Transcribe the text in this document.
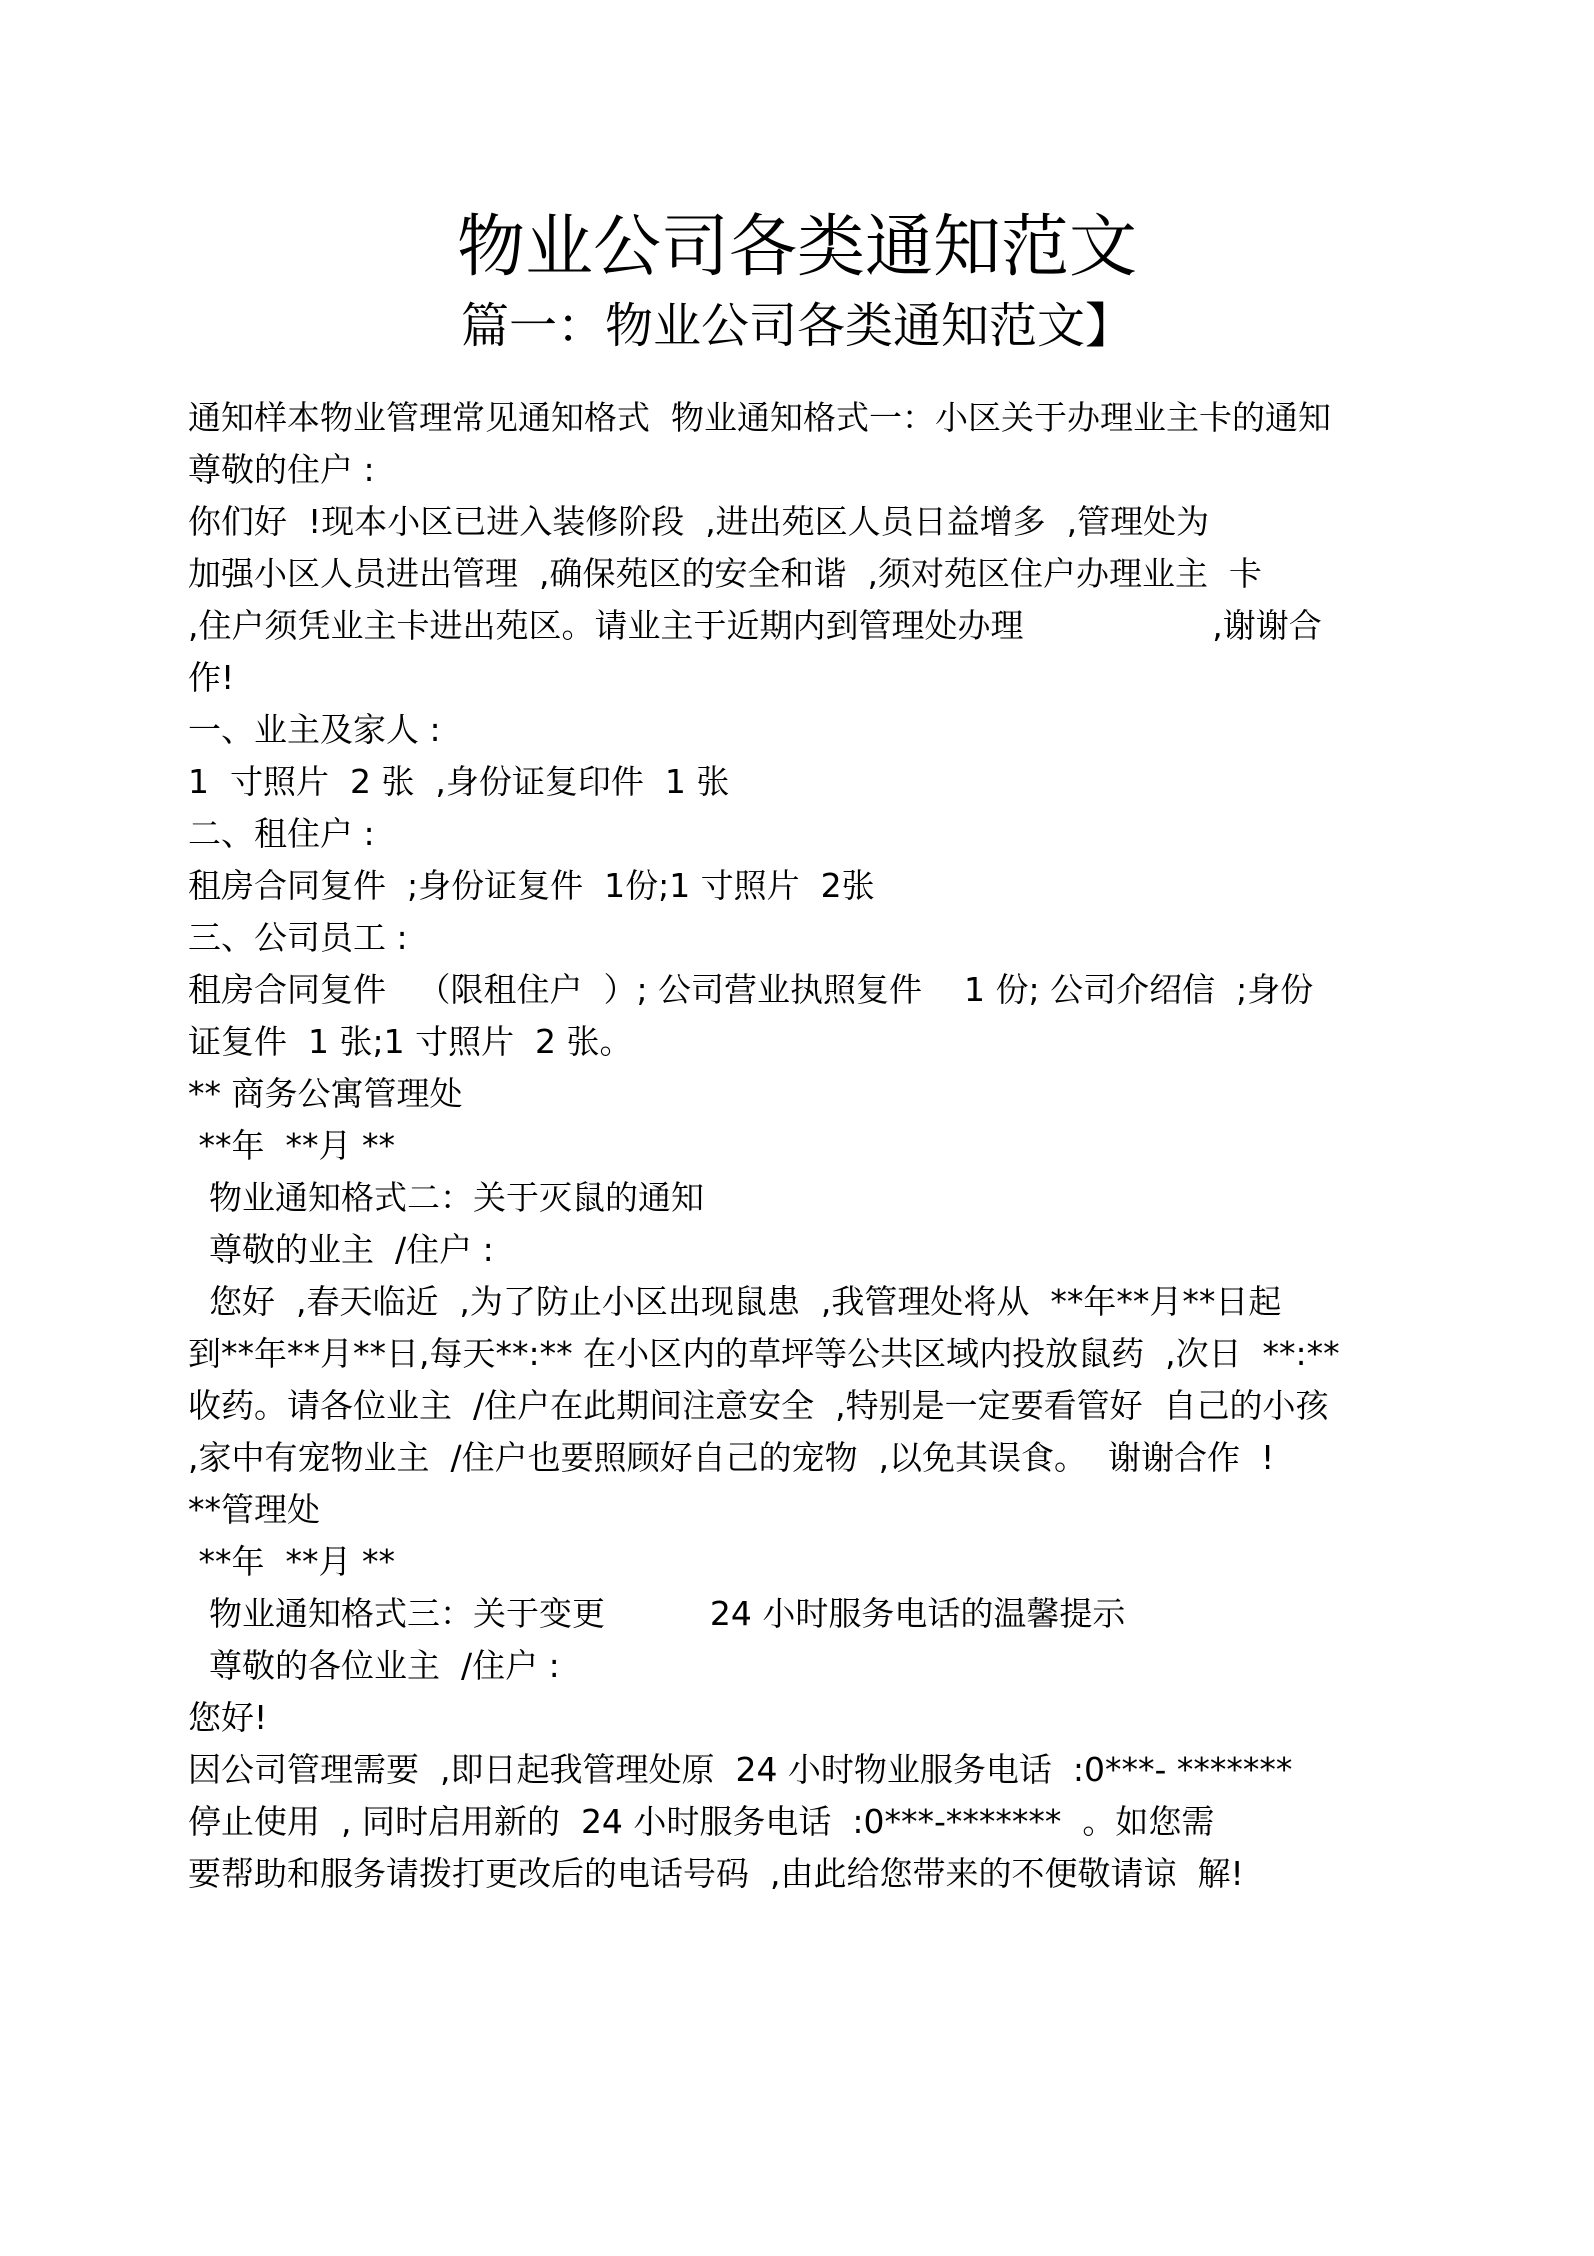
物业公司各类通知范文
篇一：物业公司各类通知范文】
通知样本物业管理常见通知格式  物业通知格式一：小区关于办理业主卡的通知
尊敬的住户 :
你们好  !现本小区已进入装修阶段  ,进出苑区人员日益增多  ,管理处为
加强小区人员进出管理  ,确保苑区的安全和谐  ,须对苑区住户办理业主  卡
,住户须凭业主卡进出苑区。请业主于近期内到管理处办理                  ,谢谢合
作!
一、业主及家人 :
1  寸照片  2 张  ,身份证复印件  1 张
二、租住户 :
租房合同复件  ;身份证复件  1份;1 寸照片  2张
三、公司员工 :
租房合同复件   （限租住户  ）; 公司营业执照复件    1 份; 公司介绍信  ;身份
证复件  1 张;1 寸照片  2 张。
** 商务公寓管理处
**年  **月 **
物业通知格式二：关于灭鼠的通知
尊敬的业主  /住户 :
您好  ,春天临近  ,为了防止小区出现鼠患  ,我管理处将从  **年**月**日起
到**年**月**日,每天**:** 在小区内的草坪等公共区域内投放鼠药  ,次日  **:**
收药。请各位业主  /住户在此期间注意安全  ,特别是一定要看管好  自己的小孩
,家中有宠物业主  /住户也要照顾好自己的宠物  ,以免其误食。  谢谢合作  !
**管理处
**年  **月 **
物业通知格式三：关于变更          24 小时服务电话的温馨提示
尊敬的各位业主  /住户 :
您好!
因公司管理需要  ,即日起我管理处原  24 小时物业服务电话  :0***- *******
停止使用  , 同时启用新的  24 小时服务电话  :0***-*******  。如您需
要帮助和服务请拨打更改后的电话号码  ,由此给您带来的不便敬请谅  解!
